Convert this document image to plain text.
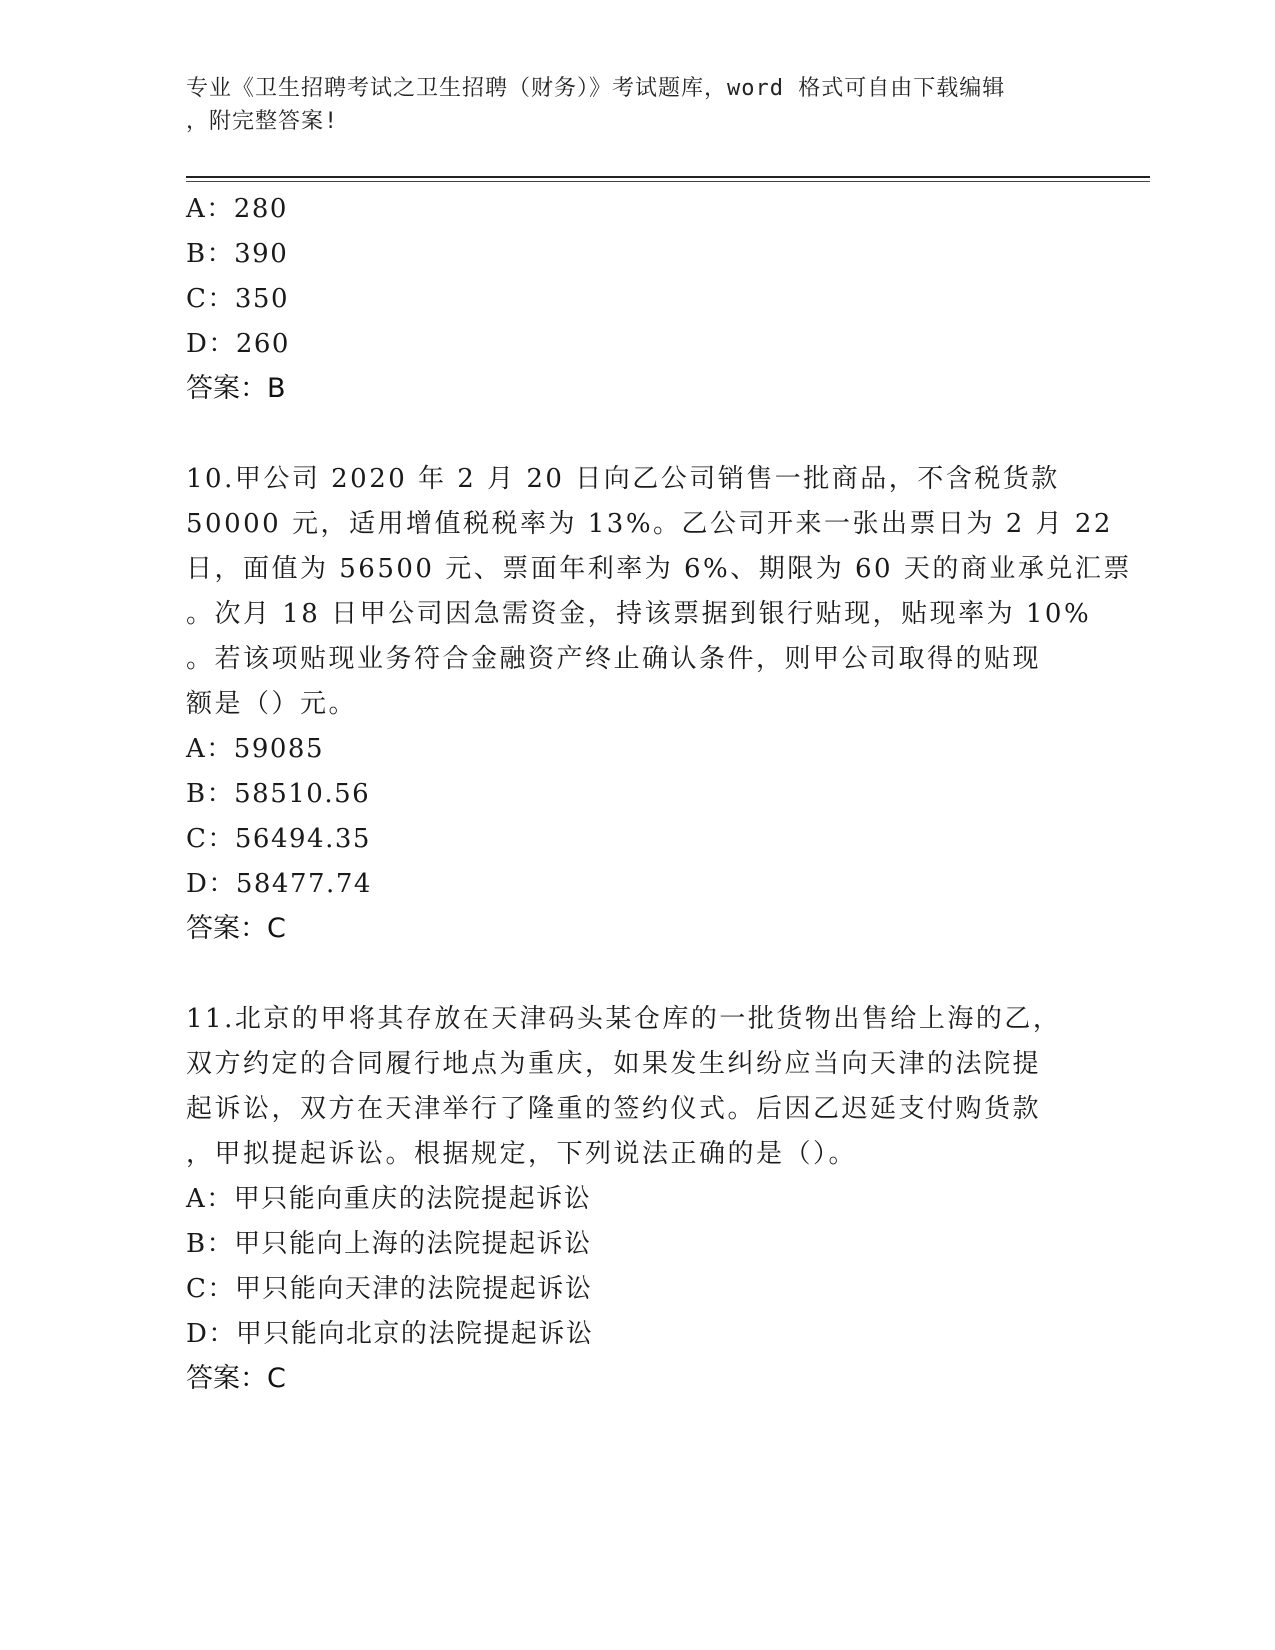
专业《卫生招聘考试之卫生招聘（财务）》考试题库，word 格式可自由下载编辑
，附完整答案!
A：280
B：390
C：350
D：260
答案：B
10.甲公司 2020 年 2 月 20 日向乙公司销售一批商品，不含税货款
50000 元，适用增值税税率为 13%。乙公司开来一张出票日为 2 月 22
日，面值为 56500 元、票面年利率为 6%、期限为 60 天的商业承兑汇票
。次月 18 日甲公司因急需资金，持该票据到银行贴现，贴现率为 10%
。若该项贴现业务符合金融资产终止确认条件，则甲公司取得的贴现
额是（）元。
A：59085
B：58510.56
C：56494.35
D：58477.74
答案：C
11.北京的甲将其存放在天津码头某仓库的一批货物出售给上海的乙，
双方约定的合同履行地点为重庆，如果发生纠纷应当向天津的法院提
起诉讼，双方在天津举行了隆重的签约仪式。后因乙迟延支付购货款
，甲拟提起诉讼。根据规定，下列说法正确的是（）。
A：甲只能向重庆的法院提起诉讼
B：甲只能向上海的法院提起诉讼
C：甲只能向天津的法院提起诉讼
D：甲只能向北京的法院提起诉讼
答案：C
